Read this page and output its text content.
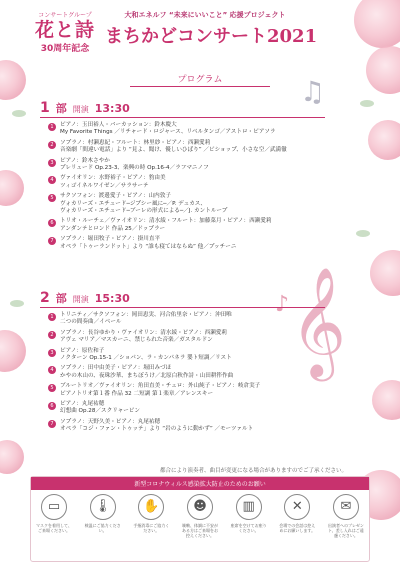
♫
♪ 𝄞
コンサートグループ
花と詩
30周年記念
大和エネルフ “未来にいいこと” 応援プロジェクト
まちかどコンサート2021
プログラム
1 部 開演 13:30
1	ピアノ：玉田裕人・バーカッション：鈴木慶大
My Favorite Things ／リチャード・ロジャース、リベルタンゴ／アストロ・ピアソラ
2	ソプラノ：村瀬恵紀・フルート：林里紗・ピアノ：西瀬愛莉
音楽劇「間違い電話」より “見よ、聞け、優しいひばり” ／ビショップ、小さな空／武満徹
3	ピアノ：鈴木さやか
プレリュード Op.23-3、楽興の時 Op.16-4／ラフマニノフ
4	ヴァイオリン：水野裕子・ピアノ：豹由美
ツィゴイネルワイゼン／サラサーテ
5	サクソフォン：渡邊愛子・ピアノ：山内敦子
ヴォカリーズ・エチュード─ジプシー風に─／P. デュカス、
ヴォカリーズ・エチュード─ブーレの形式による─／J. カントループ
6	トリオ・ルーチェ／ヴァイオリン：清水綾・フルート：加藤菜月・ピアノ：西瀬愛莉
アンダンテとロンド 作品 25／ドップラー
7	ソプラノ：堀田牧子・ピアノ：掛川直平
オペラ「トゥーランドット」より “誰も寝てはならぬ” 他／プッチーニ
2 部 開演 15:30
1	トリニティ／サクソフォン：岡田恵実、河合佑里奈・ピアノ：沖田唯
二つの間奏曲／イベール
2	ソプラノ：長谷ゆかり・ヴァイオリン：清水綾・ピアノ：西瀬愛莉
アヴェ マリア／マスカーニ、禁じられた音楽／ガスタルドン
3	ピアノ：原佐和子
ノクターン Op.15-1 ／ショパン、ラ・カンパネラ 嬰ト短調／リスト
4	ソプラノ：田中由美子・ピアノ：堀田みづほ
かやの木山の、夜珠沙華、まちぼうけ／北原白秋作詩・山田耕筰作曲
5	ブルートリオ／ヴァイオリン：角田直美・チェロ：外山純子・ピアノ：岐倉実子
ピアノトリオ第１番 作品 32 二短調 第１楽章／アレンスキー
6	ピアノ：丸尾祐穂
幻想曲 Op.28／スクリャービン
7	ソプラノ：天野久美・ピアノ：丸尾祐穂
オペラ「コジ・ファン・トゥッテ」より “岩のように動かず” ／モーツァルト
都合により演奏者、曲目が変更になる場合がありますのでご了承ください。
新型コロナウィルス感染拡大防止のためのお願い
▭
マスクを着用して、ご来場ください。
🌡
検温にご協力ください。
✋
手指消毒にご協力ください。
☻
咳嗽、体調に不安がある方はご来場をお控えください。
▥
座席を空けてお座りください。
✕
会場での会話は控えめにお願いします。
✉
出演者へのプレゼント、差し入れはご遠慮ください。
